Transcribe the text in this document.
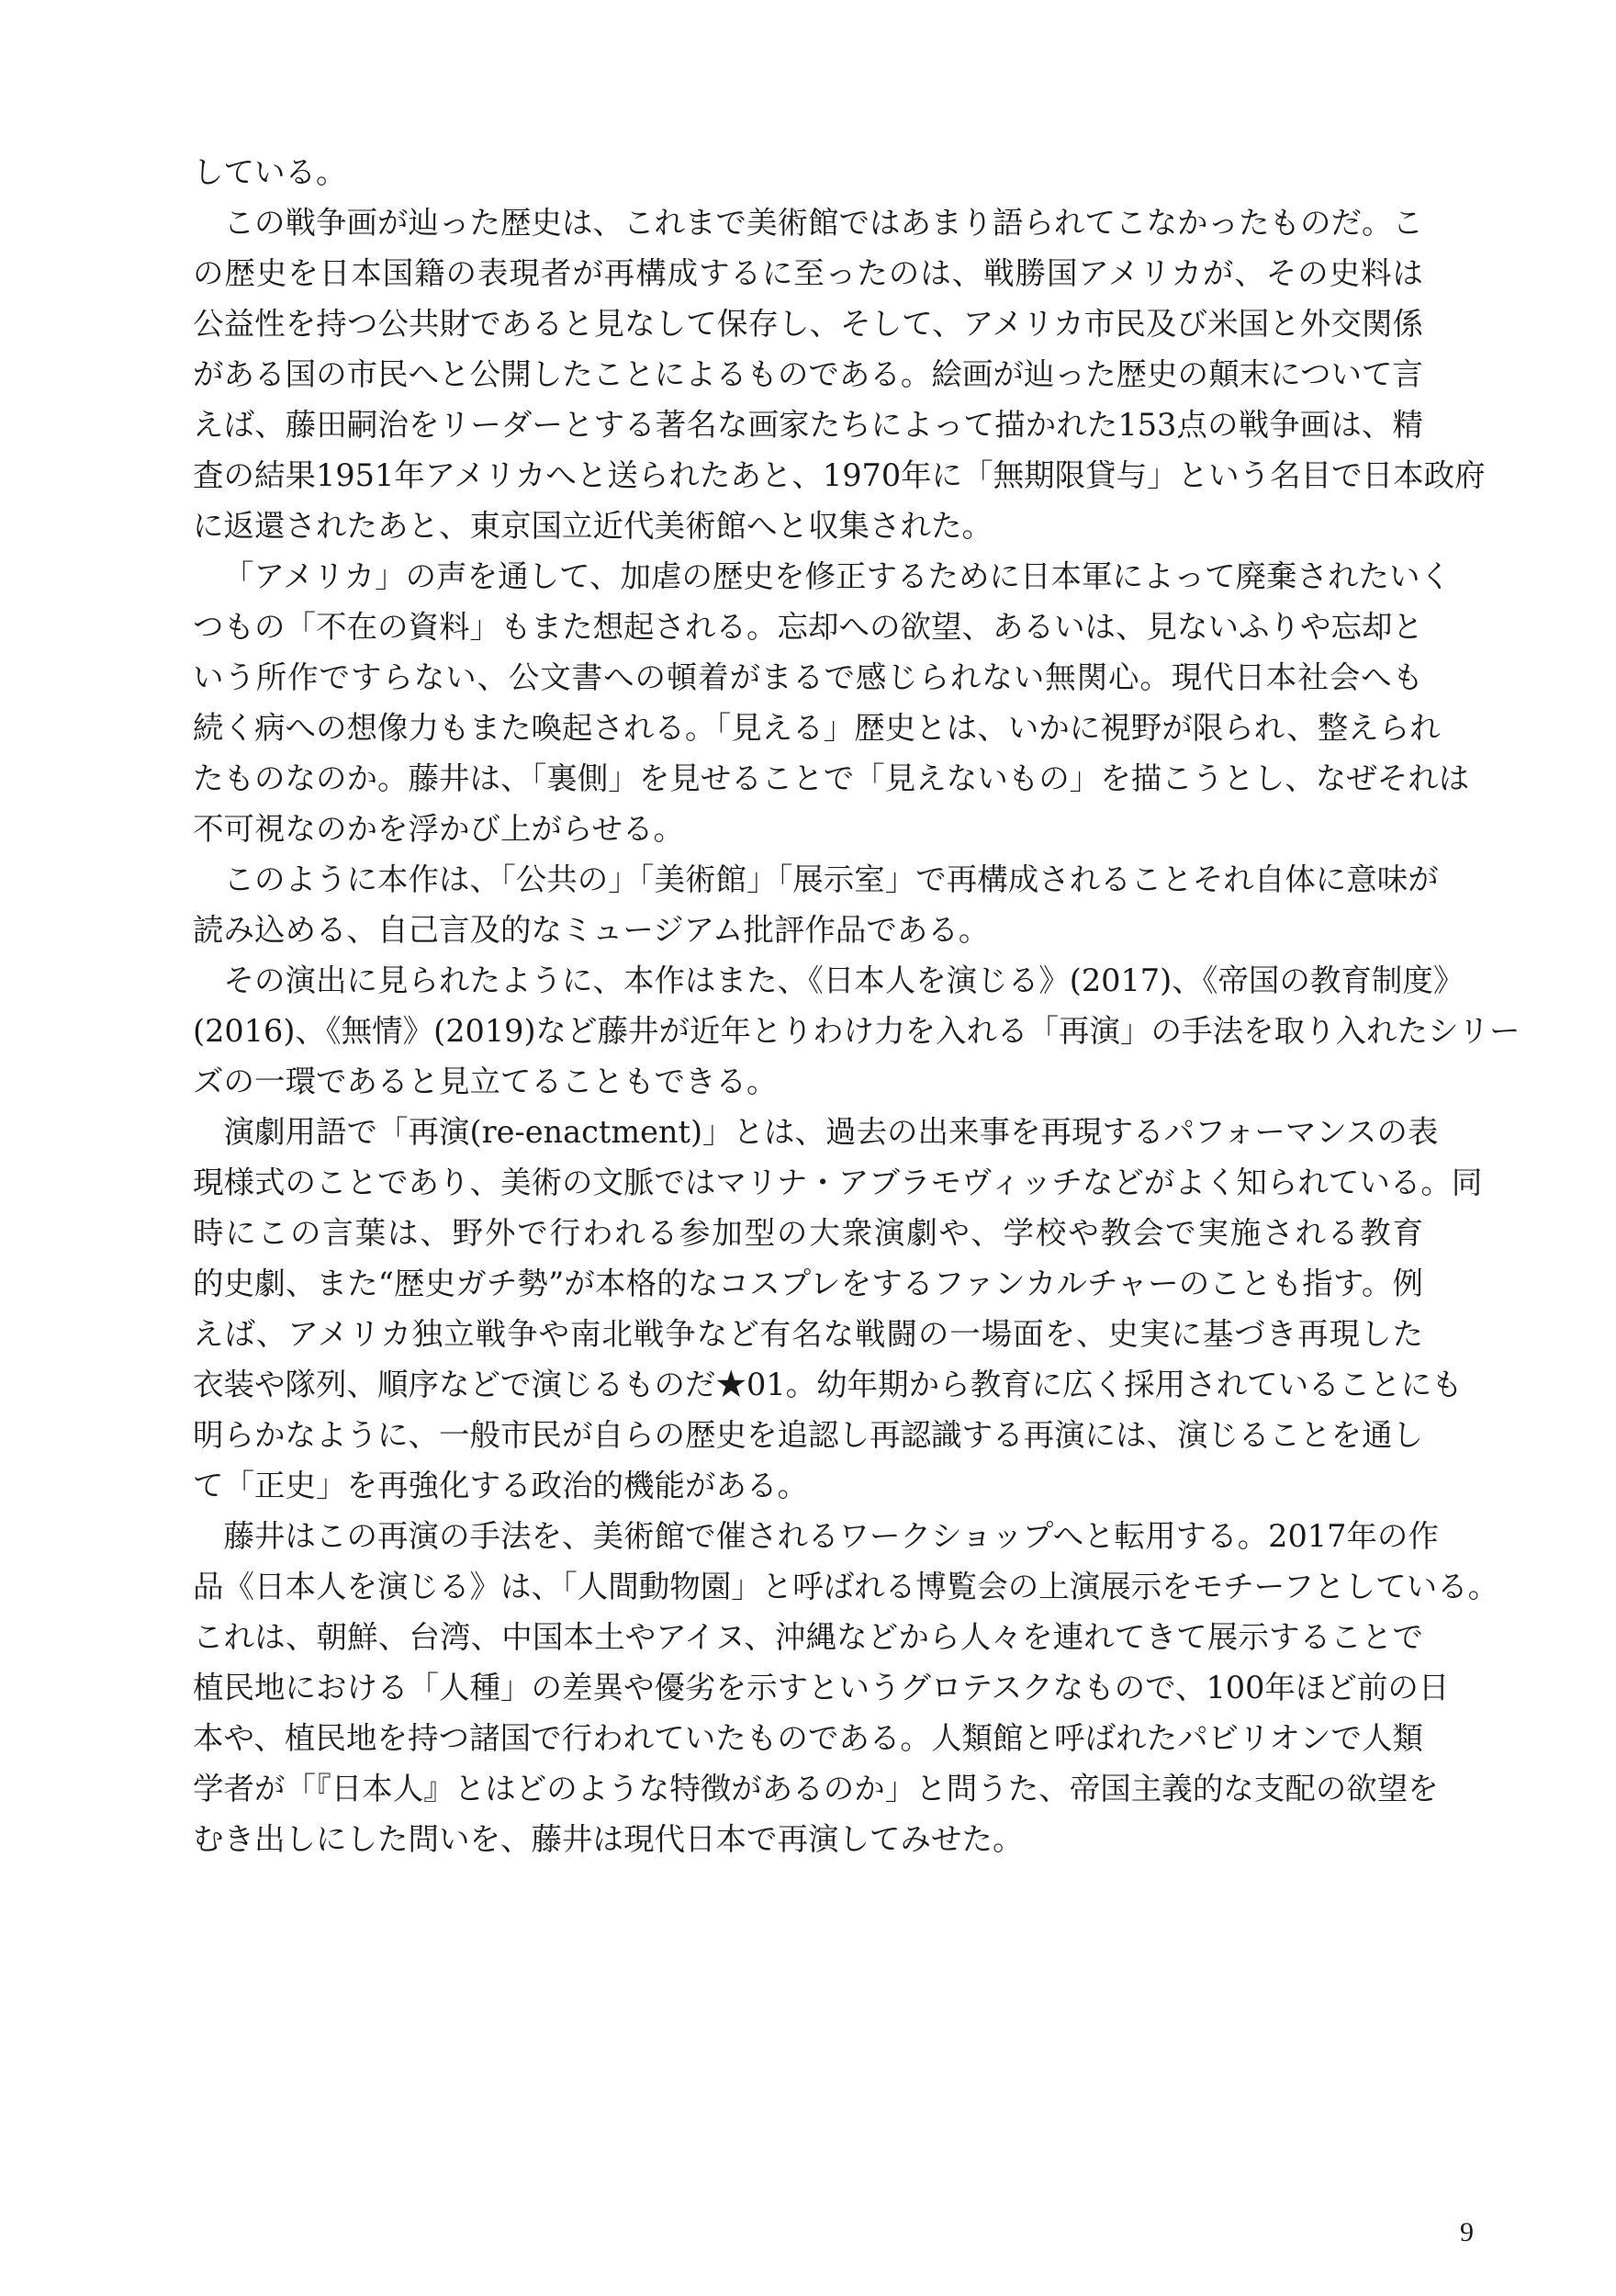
している。
　この戦争画が辿った歴史は、これまで美術館ではあまり語られてこなかったものだ。こ
の歴史を日本国籍の表現者が再構成するに至ったのは、戦勝国アメリカが、その史料は
公益性を持つ公共財であると見なして保存し、そして、アメリカ市民及び米国と外交関係
がある国の市民へと公開したことによるものである。絵画が辿った歴史の顛末について言
えば、藤田嗣治をリーダーとする著名な画家たちによって描かれた153点の戦争画は、精
査の結果1951年アメリカへと送られたあと、1970年に「無期限貸与」という名目で日本政府
に返還されたあと、東京国立近代美術館へと収集された。
「アメリカ」の声を通して、加虐の歴史を修正するために日本軍によって廃棄されたいく
つもの「不在の資料」もまた想起される。忘却への欲望、あるいは、見ないふりや忘却と
いう所作ですらない、公文書への頓着がまるで感じられない無関心。現代日本社会へも
続く病への想像力もまた喚起される。「見える」歴史とは、いかに視野が限られ、整えられ
たものなのか。藤井は、「裏側」を見せることで「見えないもの」を描こうとし、なぜそれは
不可視なのかを浮かび上がらせる。
　このように本作は、「公共の」「美術館」「展示室」で再構成されることそれ自体に意味が
読み込める、自己言及的なミュージアム批評作品である。
　その演出に見られたように、本作はまた、《日本人を演じる》(2017)、《帝国の教育制度》
(2016)、《無情》(2019)など藤井が近年とりわけ力を入れる「再演」の手法を取り入れたシリー
ズの一環であると見立てることもできる。
　演劇用語で「再演(re-enactment)」とは、過去の出来事を再現するパフォーマンスの表
現様式のことであり、美術の文脈ではマリナ・アブラモヴィッチなどがよく知られている。同
時にこの言葉は、野外で行われる参加型の大衆演劇や、学校や教会で実施される教育
的史劇、また“歴史ガチ勢”が本格的なコスプレをするファンカルチャーのことも指す。例
えば、アメリカ独立戦争や南北戦争など有名な戦闘の一場面を、史実に基づき再現した
衣装や隊列、順序などで演じるものだ★01。幼年期から教育に広く採用されていることにも
明らかなように、一般市民が自らの歴史を追認し再認識する再演には、演じることを通し
て「正史」を再強化する政治的機能がある。
　藤井はこの再演の手法を、美術館で催されるワークショップへと転用する。2017年の作
品《日本人を演じる》は、「人間動物園」と呼ばれる博覧会の上演展示をモチーフとしている。
これは、朝鮮、台湾、中国本土やアイヌ、沖縄などから人々を連れてきて展示することで
植民地における「人種」の差異や優劣を示すというグロテスクなもので、100年ほど前の日
本や、植民地を持つ諸国で行われていたものである。人類館と呼ばれたパビリオンで人類
学者が「『日本人』とはどのような特徴があるのか」と問うた、帝国主義的な支配の欲望を
むき出しにした問いを、藤井は現代日本で再演してみせた。
9
